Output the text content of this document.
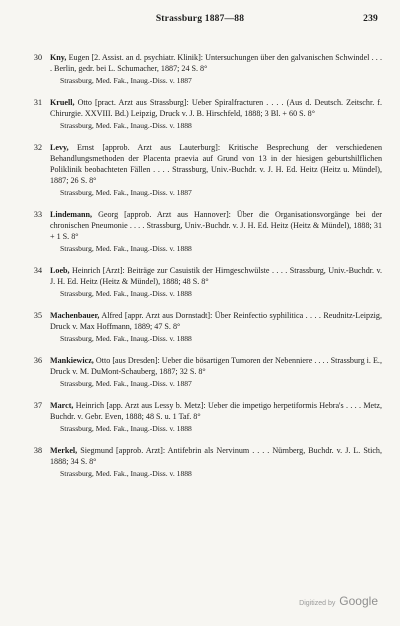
Strassburg 1887—88	239
30 Kny, Eugen [2. Assist. an d. psychiatr. Klinik]: Untersuchungen über den galvanischen Schwindel . . . . Berlin, gedr. bei L. Schumacher, 1887; 24 S. 8°
Strassburg, Med. Fak., Inaug.-Diss. v. 1887
31 Kruell, Otto [pract. Arzt aus Strassburg]: Ueber Spiralfracturen . . . . (Aus d. Deutsch. Zeitschr. f. Chirurgie. XXVIII. Bd.) Leipzig, Druck v. J. B. Hirschfeld, 1888; 3 Bl. + 60 S. 8°
Strassburg, Med. Fak., Inaug.-Diss. v. 1888
32 Levy, Ernst [approb. Arzt aus Lauterburg]: Kritische Besprechung der verschiedenen Behandlungsmethoden der Placenta praevia auf Grund von 13 in der hiesigen geburtshilflichen Poliklinik beobachteten Fällen . . . . Strassburg, Univ.-Buchdr. v. J. H. Ed. Heitz (Heitz u. Mündel), 1887; 26 S. 8°
Strassburg, Med. Fak., Inaug.-Diss. v. 1887
33 Lindemann, Georg [approb. Arzt aus Hannover]: Über die Organisationsvorgänge bei der chronischen Pneumonie . . . . Strassburg, Univ.-Buchdr. v. J. H. Ed. Heitz (Heitz & Mündel), 1888; 31 + 1 S. 8°
Strassburg, Med. Fak., Inaug.-Diss. v. 1888
34 Loeb, Heinrich [Arzt]: Beiträge zur Casuistik der Hirngeschwülste . . . . Strassburg, Univ.-Buchdr. v. J. H. Ed. Heitz (Heitz & Mündel), 1888; 48 S. 8°
Strassburg, Med. Fak., Inaug.-Diss. v. 1888
35 Machenbauer, Alfred [appr. Arzt aus Dornstadt]: Über Reinfectio syphilitica . . . . Reudnitz-Leipzig, Druck v. Max Hoffmann, 1889; 47 S. 8°
Strassburg, Med. Fak., Inaug.-Diss. v. 1888
36 Mankiewicz, Otto [aus Dresden]: Ueber die bösartigen Tumoren der Nebenniere . . . . Strassburg i. E., Druck v. M. DuMont-Schauberg, 1887; 32 S. 8°
Strassburg, Med. Fak., Inaug.-Diss. v. 1887
37 Marct, Heinrich [app. Arzt aus Lessy b. Metz]: Ueber die impetigo herpetiformis Hebra's . . . . Metz, Buchdr. v. Gebr. Even, 1888; 48 S. u. 1 Taf. 8°
Strassburg, Med. Fak., Inaug.-Diss. v. 1888
38 Merkel, Siegmund [approb. Arzt]: Antifebrin als Nervinum . . . . Nürnberg, Buchdr. v. J. L. Stich, 1888; 34 S. 8°
Strassburg, Med. Fak., Inaug.-Diss. v. 1888
Digitized by Google
